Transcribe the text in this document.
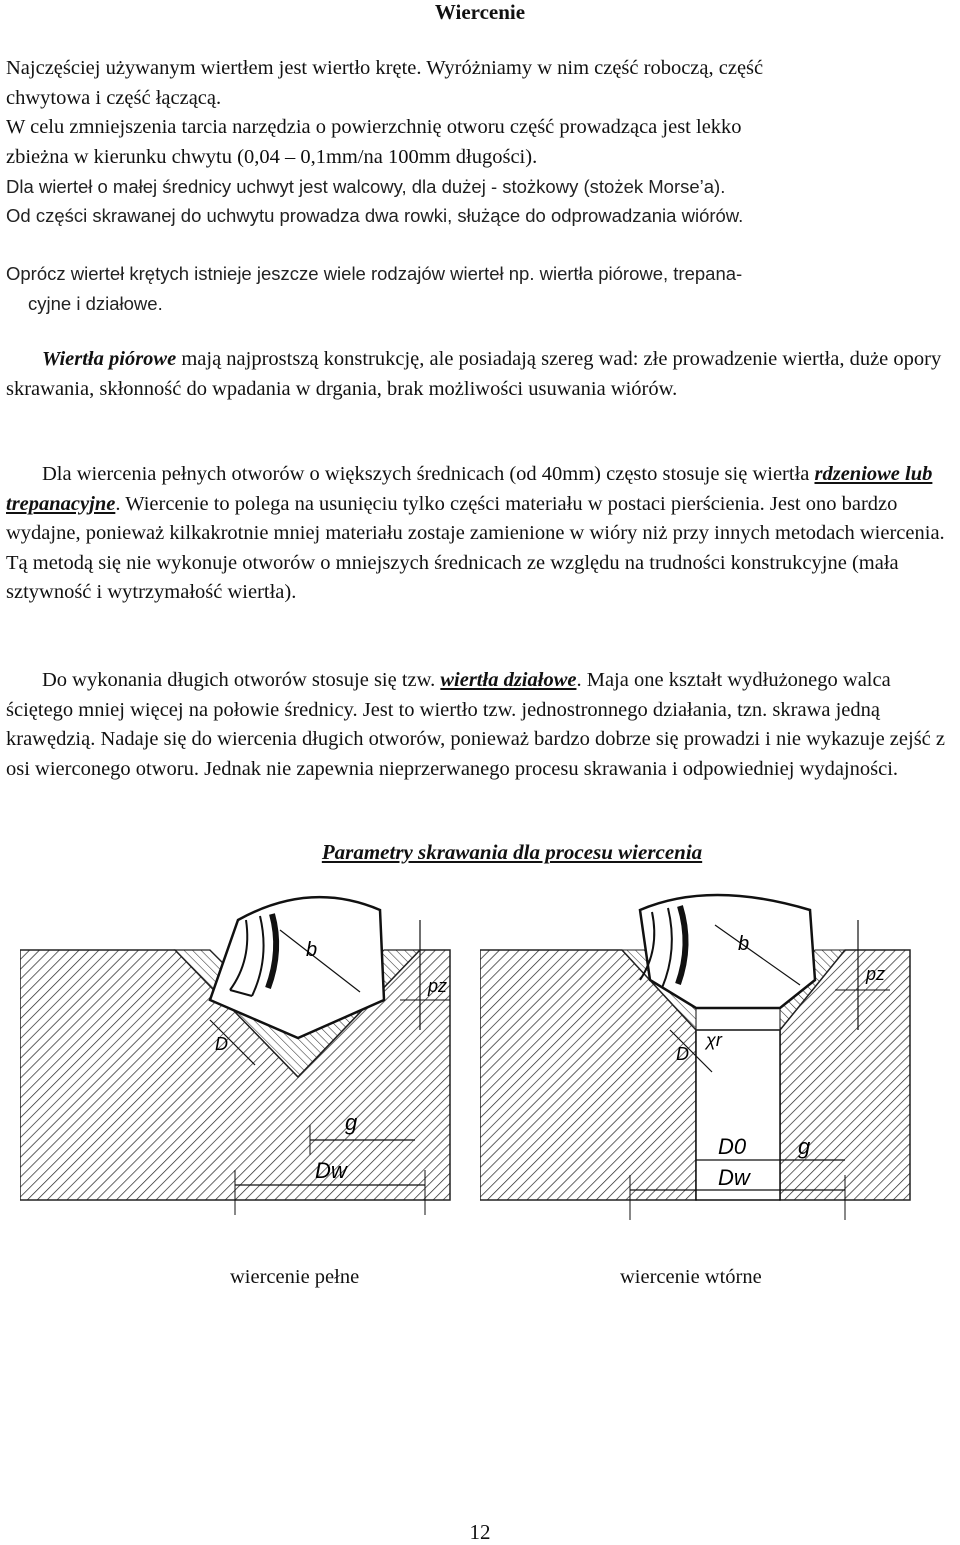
Wiercenie
Najczęściej używanym wiertłem jest wiertło kręte. Wyróżniamy w nim część roboczą, część
chwytowa i część łączącą.
W celu zmniejszenia tarcia narzędzia o powierzchnię otworu część prowadząca jest lekko
zbieżna w kierunku chwytu (0,04 – 0,1mm/na 100mm długości).
Dla wierteł o małej średnicy uchwyt jest walcowy, dla dużej - stożkowy (stożek Morse’a).
Od części skrawanej do uchwytu prowadza dwa rowki, służące do odprowadzania wiórów.
Oprócz wierteł krętych istnieje jeszcze wiele rodzajów wierteł np. wiertła piórowe, trepana-
cyjne i działowe.

Wiertła piórowe mają najprostszą konstrukcję, ale posiadają szereg wad: złe prowadzenie wiertła, duże opory skrawania, skłonność do wpadania w drgania, brak możliwości usuwania wiórów.

Dla wiercenia pełnych otworów o większych średnicach (od 40mm) często stosuje się wiertła rdzeniowe lub trepanacyjne. Wiercenie to polega na usunięciu tylko części materiału w postaci pierścienia. Jest ono bardzo wydajne, ponieważ kilkakrotnie mniej materiału zostaje zamienione w wióry niż przy innych metodach wiercenia. Tą metodą się nie wykonuje otworów o mniejszych średnicach ze względu na trudności konstrukcyjne (mała sztywność i wytrzymałość wiertła).

Do wykonania długich otworów stosuje się tzw. wiertła działowe. Maja one kształt wydłużonego walca ściętego mniej więcej na połowie średnicy. Jest to wiertło tzw. jednostronnego działania, tzn. skrawa jedną krawędzią. Nadaje się do wiercenia długich otworów, ponieważ bardzo dobrze się prowadzi i nie wykazuje zejść z osi wierconego otworu. Jednak nie zapewnia nieprzerwanego procesu skrawania i odpowiedniej wydajności.

Parametry skrawania dla procesu wiercenia
b
pz
D
g
Dw
b
pz
D
χr
D0 g
Dw
wiercenie pełne	wiercenie wtórne
12
